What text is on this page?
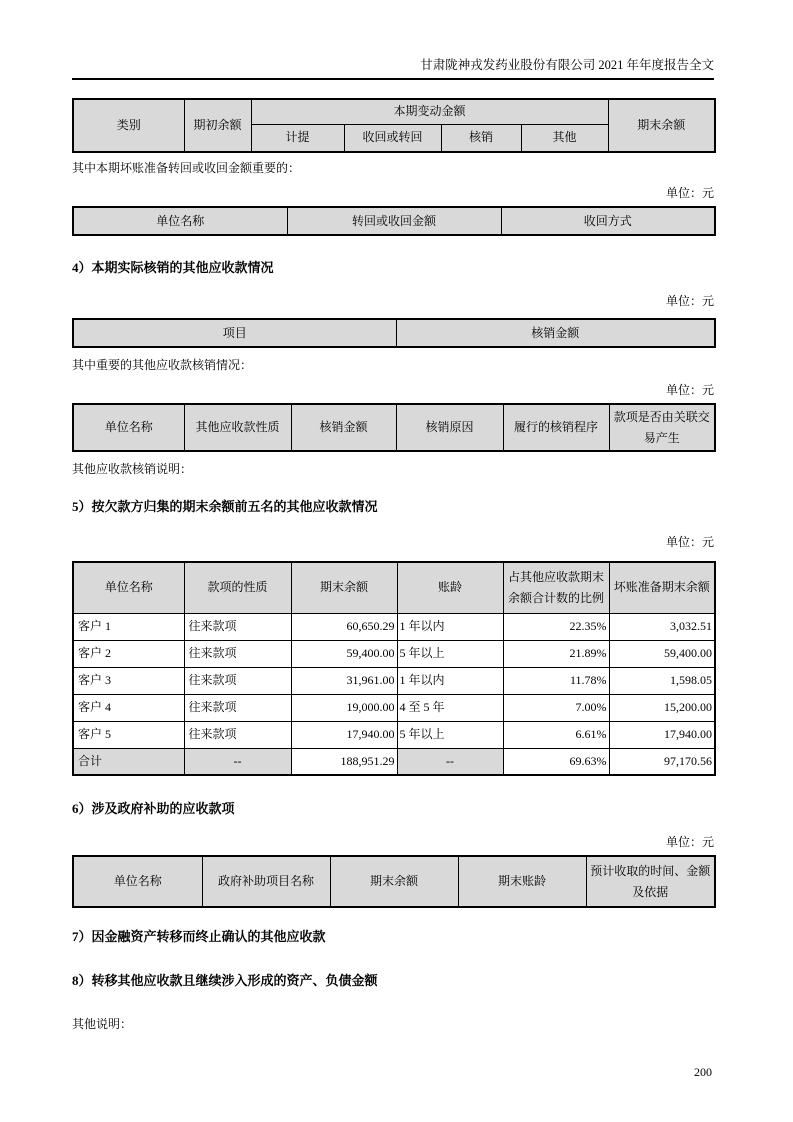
甘肃陇神戎发药业股份有限公司 2021 年年度报告全文
类别	期初余额	本期变动金额				期末余额
		计提	收回或转回	核销	其他	
其中本期坏账准备转回或收回金额重要的：
单位：元
单位名称	转回或收回金额	收回方式
4）本期实际核销的其他应收款情况
单位：元
项目	核销金额
其中重要的其他应收款核销情况：
单位：元
单位名称	其他应收款性质	核销金额	核销原因	履行的核销程序	款项是否由关联交易产生
其他应收款核销说明：
5）按欠款方归集的期末余额前五名的其他应收款情况
单位：元
单位名称	款项的性质	期末余额	账龄	占其他应收款期末余额合计数的比例	坏账准备期末余额
客户 1	往来款项	60,650.29	1 年以内	22.35%	3,032.51
客户 2	往来款项	59,400.00	5 年以上	21.89%	59,400.00
客户 3	往来款项	31,961.00	1 年以内	11.78%	1,598.05
客户 4	往来款项	19,000.00	4 至 5 年	7.00%	15,200.00
客户 5	往来款项	17,940.00	5 年以上	6.61%	17,940.00
合计	--	188,951.29	--	69.63%	97,170.56
6）涉及政府补助的应收款项
单位：元
单位名称	政府补助项目名称	期末余额	期末账龄	预计收取的时间、金额及依据
7）因金融资产转移而终止确认的其他应收款
8）转移其他应收款且继续涉入形成的资产、负债金额
其他说明：
200
